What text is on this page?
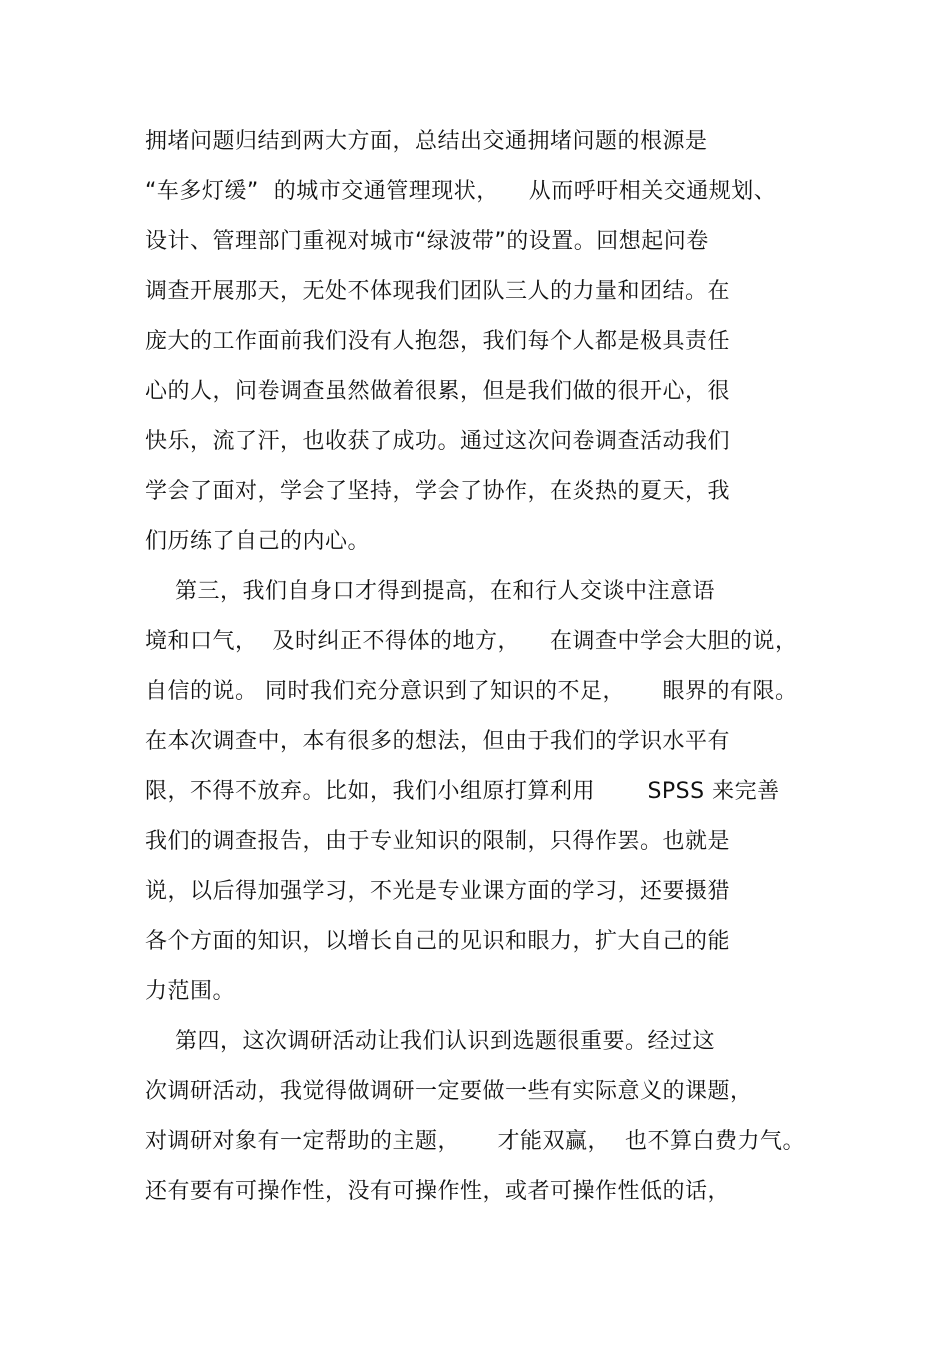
拥堵问题归结到两大方面，总结出交通拥堵问题的根源是
“车多灯缓”  的城市交通管理现状，    从而呼吁相关交通规划、
设计、管理部门重视对城市“绿波带”的设置。回想起问卷
调查开展那天，无处不体现我们团队三人的力量和团结。在
庞大的工作面前我们没有人抱怨，我们每个人都是极具责任
心的人，问卷调查虽然做着很累，但是我们做的很开心，很
快乐，流了汗，也收获了成功。通过这次问卷调查活动我们
学会了面对，学会了坚持，学会了协作，在炎热的夏天，我
们历练了自己的内心。
第三，我们自身口才得到提高，在和行人交谈中注意语
境和口气，  及时纠正不得体的地方，    在调查中学会大胆的说，
自信的说。 同时我们充分意识到了知识的不足，     眼界的有限。
在本次调查中，本有很多的想法，但由于我们的学识水平有
限，不得不放弃。比如，我们小组原打算利用       SPSS 来完善
我们的调查报告，由于专业知识的限制，只得作罢。也就是
说，以后得加强学习，不光是专业课方面的学习，还要摄猎
各个方面的知识，以增长自己的见识和眼力，扩大自己的能
力范围。
第四，这次调研活动让我们认识到选题很重要。经过这
次调研活动，我觉得做调研一定要做一些有实际意义的课题，
对调研对象有一定帮助的主题，     才能双赢，  也不算白费力气。
还有要有可操作性，没有可操作性，或者可操作性低的话，
